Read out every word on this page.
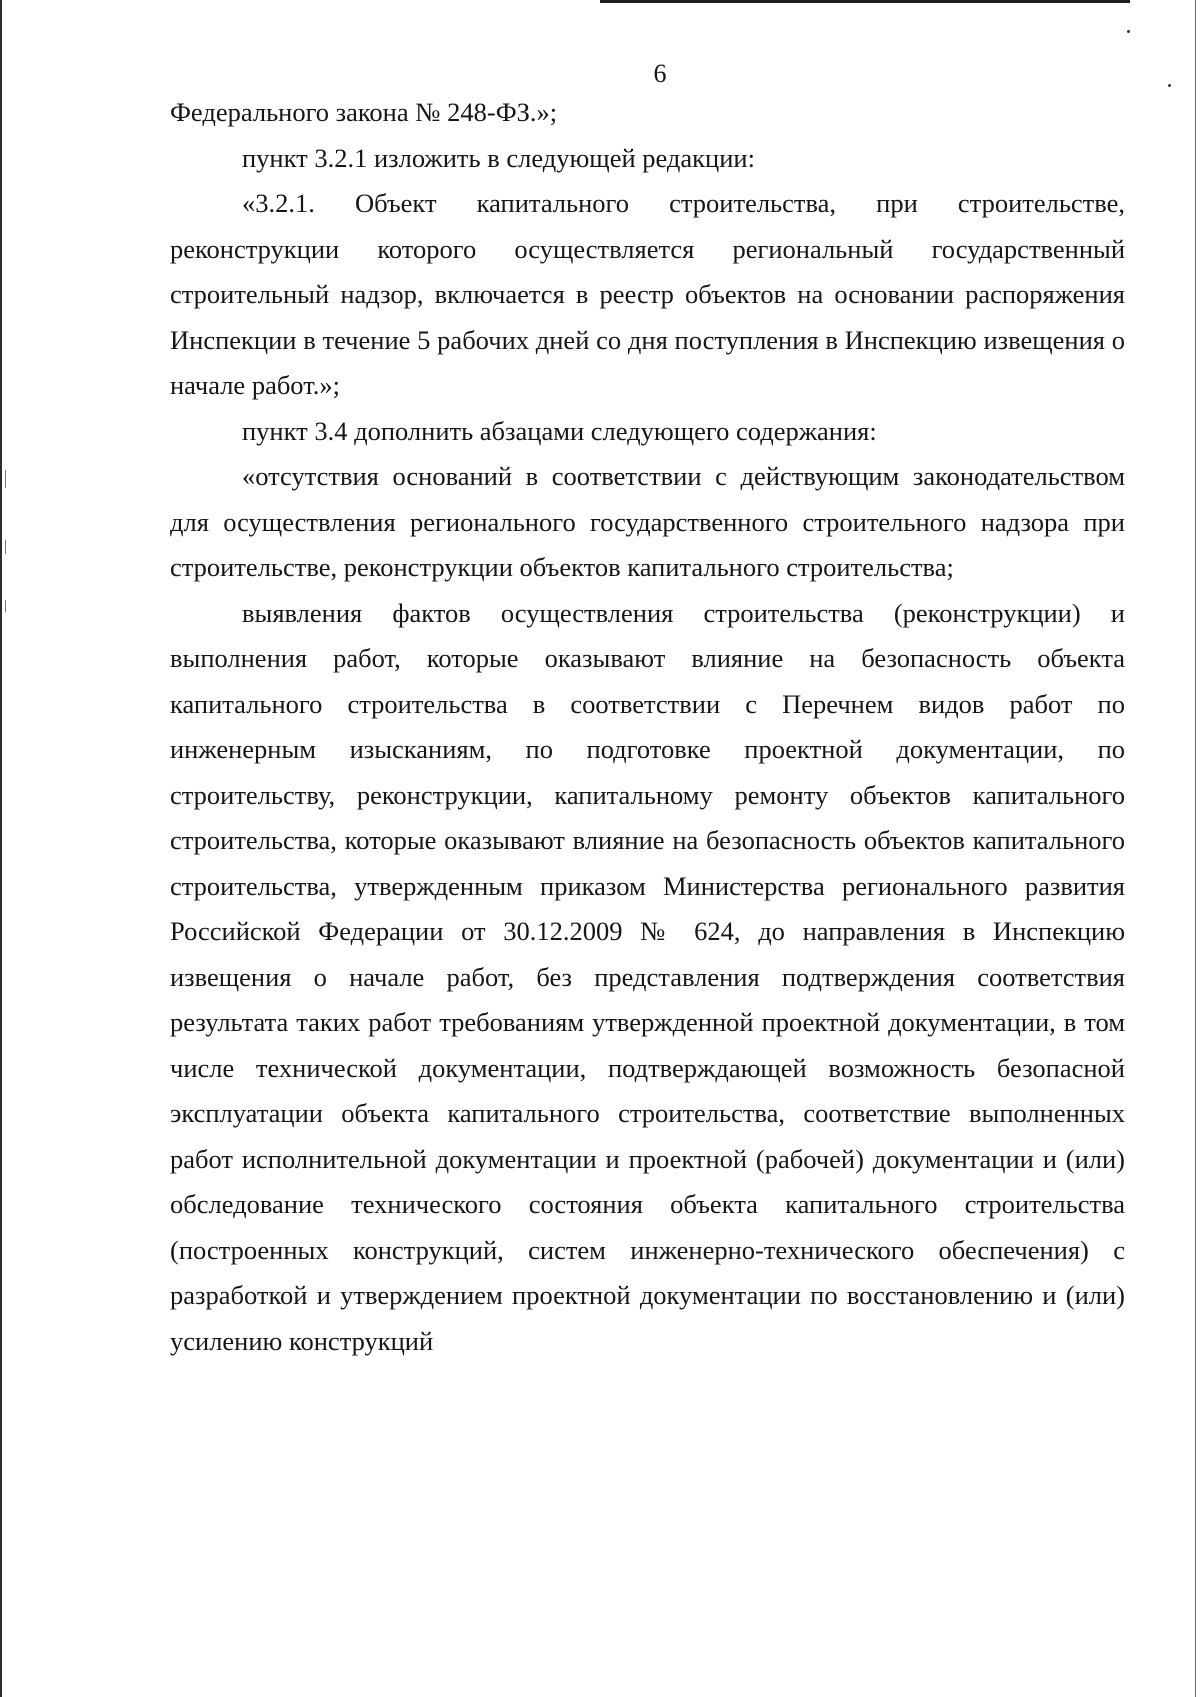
6

Федерального закона № 248-ФЗ.»;

пункт 3.2.1 изложить в следующей редакции:

«3.2.1. Объект капитального строительства, при строительстве, реконструкции которого осуществляется региональный государственный строительный надзор, включается в реестр объектов на основании распоряжения Инспекции в течение 5 рабочих дней со дня поступления в Инспекцию извещения о начале работ.»;

пункт 3.4 дополнить абзацами следующего содержания:

«отсутствия оснований в соответствии с действующим законодательством для осуществления регионального государственного строительного надзора при строительстве, реконструкции объектов капитального строительства;

выявления фактов осуществления строительства (реконструкции) и выполнения работ, которые оказывают влияние на безопасность объекта капитального строительства в соответствии с Перечнем видов работ по инженерным изысканиям, по подготовке проектной документации, по строительству, реконструкции, капитальному ремонту объектов капитального строительства, которые оказывают влияние на безопасность объектов капитального строительства, утвержденным приказом Министерства регионального развития Российской Федерации от 30.12.2009 № 624, до направления в Инспекцию извещения о начале работ, без представления подтверждения соответствия результата таких работ требованиям утвержденной проектной документации, в том числе технической документации, подтверждающей возможность безопасной эксплуатации объекта капитального строительства, соответствие выполненных работ исполнительной документации и проектной (рабочей) документации и (или) обследование технического состояния объекта капитального строительства (построенных конструкций, систем инженерно-технического обеспечения) с разработкой и утверждением проектной документации по восстановлению и (или) усилению конструкций
